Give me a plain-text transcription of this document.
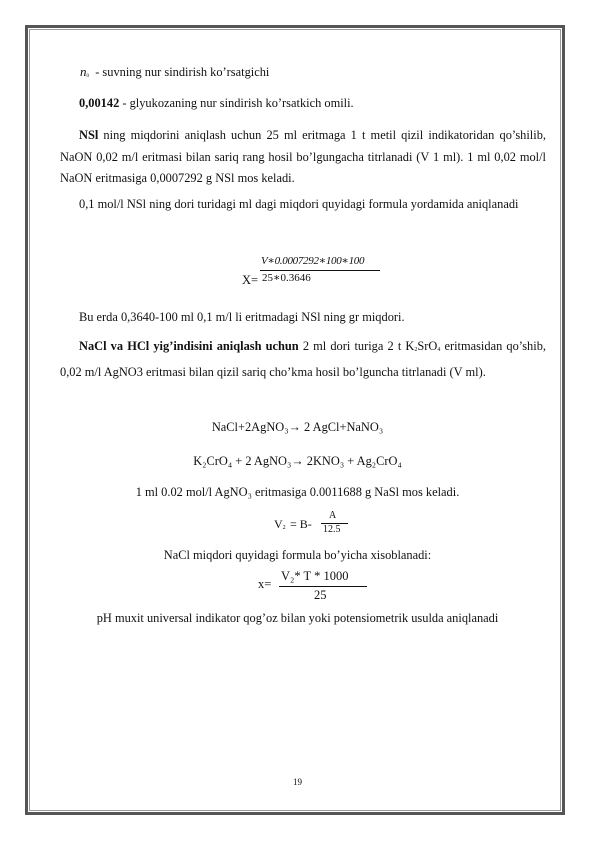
$n_0$ - suvning nur sindirish ko’rsatgichi
0,00142 - glyukozaning nur sindirish ko’rsatkich omili.
NSl ning miqdorini aniqlash uchun 25 ml eritmaga 1 t metil qizil indikatoridan qo’shilib, NaON 0,02 m/l eritmasi bilan sariq rang hosil bo’lgungacha titrlanadi (V 1 ml). 1 ml 0,02 mol/l NaON eritmasiga 0,0007292 g NSl mos keladi.
0,1 mol/l NSl ning dori turidagi ml dagi miqdori quyidagi formula yordamida aniqlanadi
X=
V∗0.0007292∗100∗100
25∗0.3646
Bu erda 0,3640-100 ml 0,1 m/l li eritmadagi NSl ning gr miqdori.
NaCl va HCl yig’indisini aniqlash uchun 2 ml dori turiga 2 t $K_2SrO_4$ eritmasidan qo’shib, 0,02 m/l AgNO3 eritmasi bilan qizil sariq cho’kma hosil bo’lguncha titrlanadi (V ml).
NaCl+2AgNO₃→ 2 AgCl+NaNO₃
K₂CrO₄ + 2 AgNO₃→ 2KNO₃ + Ag₂CrO₄
1 ml 0.02 mol/l AgNO₃ eritmasiga 0.0011688 g NaSl mos keladi.
$V_2 = B-$
A
12.5
NaCl miqdori quyidagi formula bo’yicha xisoblanadi:
x=
V₂* T * 1000
25
pH muxit universal indikator qog’oz bilan yoki potensiometrik usulda aniqlanadi
19
